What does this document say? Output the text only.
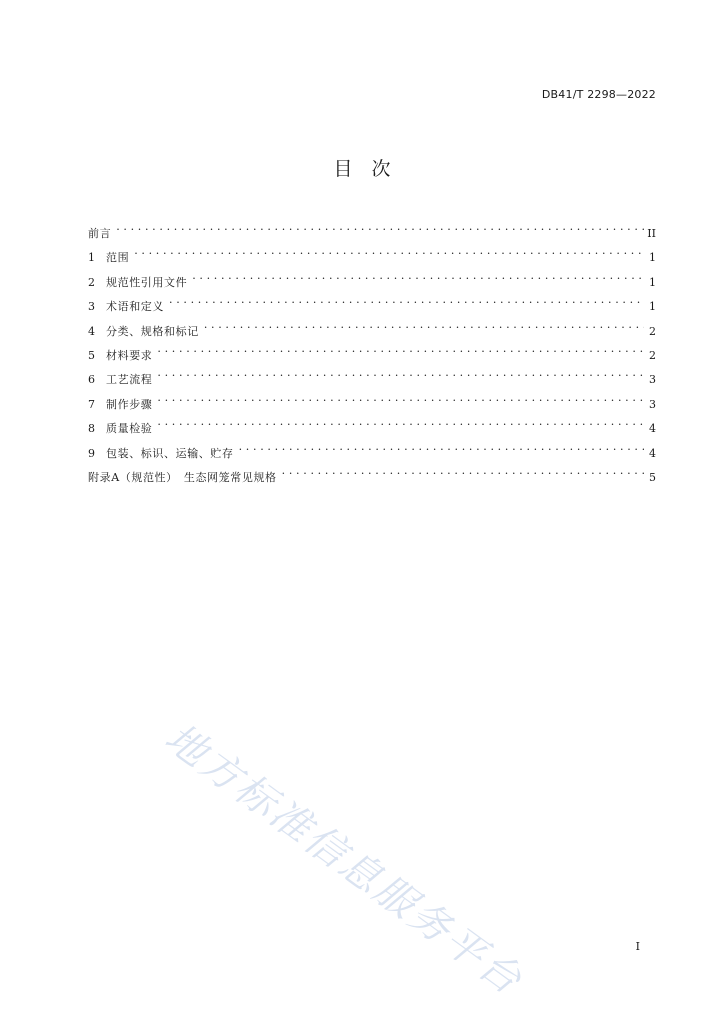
DB41/T 2298—2022
目　次
前言 .....	II
1	范围 .....	1
2	规范性引用文件 .....	1
3	术语和定义 .....	1
4	分类、规格和标记 .....	2
5	材料要求 .....	2
6	工艺流程 .....	3
7	制作步骤 .....	3
8	质量检验 .....	4
9	包装、标识、运输、贮存 .....	4
附录A（规范性）　生态网笼常见规格 .....	5
地方标准信息服务平台	I
